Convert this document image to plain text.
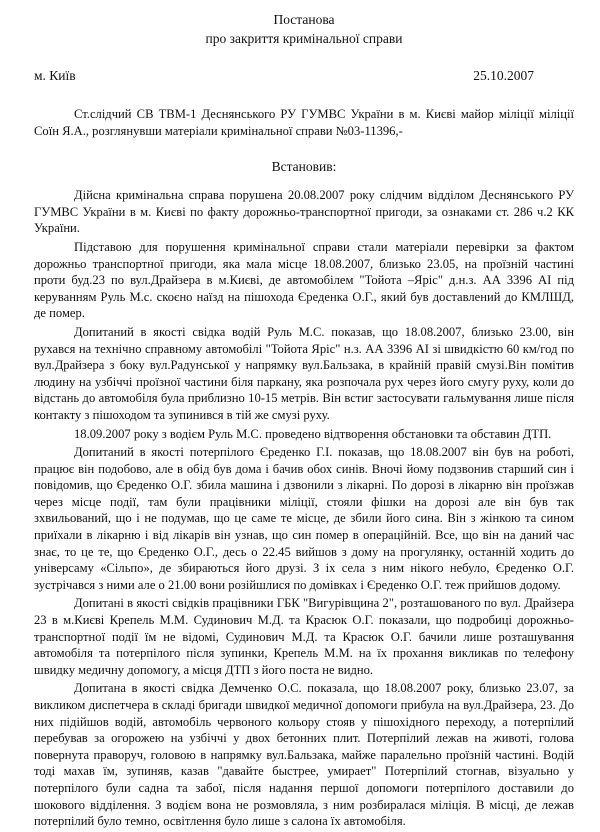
Постанова
про закриття кримінальної справи
м. Київ	25.10.2007

Ст.слідчий СВ ТВМ-1 Деснянського РУ ГУМВС України в м. Києві майор міліції міліції Соїн Я.А., розглянувши матеріали кримінальної справи №03-11396,-

Встановив:

Дійсна кримінальна справа порушена 20.08.2007 року слідчим відділом Деснянського РУ ГУМВС України в м. Києві по факту дорожньо-транспортної пригоди, за ознаками ст. 286 ч.2 КК України.

Підставою для порушення кримінальної справи стали матеріали перевірки за фактом дорожньо транспортної пригоди, яка мала місце 18.08.2007, близько 23.05, на проїзній частині проти буд.23 по вул.Драйзера в м.Києві, де автомобілем "Тойота –Яріс" д.н.з. АА 3396 АІ під керуванням Руль М.с. скоєно наїзд на пішохода Єреденка О.Г., який був доставлений до КМЛШД, де помер.

Допитаний в якості свідка водій Руль М.С. показав, що 18.08.2007, близько 23.00, він рухався на технічно справному автомобілі "Тойота Яріс" н.з. АА 3396 АІ зі швидкістю 60 км/год по вул.Драйзера з боку вул.Радунської у напрямку вул.Бальзака, в крайній правій смузі.Він помітив людину на узбіччі проїзної частини біля паркану, яка розпочала рух через його смугу руху, коли до відстань до автомобіля була приблизно 10-15 метрів. Він встиг застосувати гальмування лише після контакту з пішоходом та зупинився в тій же смузі руху.

18.09.2007 року з водієм Руль М.С. проведено відтворення обстановки та обставин ДТП.

Допитаний в якості потерпілого Єреденко Г.І. показав, що 18.08.2007 він був на роботі, працює він подобово, але в обід був дома і бачив обох синів. Вночі йому подзвонив старший син і повідомив, що Єреденко О.Г. збила машина і дзвонили з лікарні. По дорозі в лікарню він проїзжав через місце події, там були працівники міліції, стояли фішки на дорозі але він був так зхвильований, що і не подумав, що це саме те місце, де збили його сина. Він з жінкою та сином приїхали в лікарню і від лікарів він узнав, що син помер в операційній. Все, що він на даний час знає, то це те, що Єреденко О.Г., десь о 22.45 вийшов з дому на прогулянку, останній ходить до універсаму «Сільпо», де збираються його друзі. З іх села з ним нікого небуло, Єреденко О.Г. зустрічався з ними але о 21.00 вони розійшлися по домівках і Єреденко О.Г. теж прийшов додому.

Допитані в якості свідків працівники ГБК "Вигурівщина 2", розташованого по вул. Драйзера 23 в м.Києві Крепель М.М. Судинович М.Д. та Красюк О.Г. показали, що подробиці дорожньо-транспортної події їм не відомі, Судинович М.Д. та Красюк О.Г. бачили лише розташування автомобіля та потерпілого після зупинки, Крепель М.М. на їх прохання викликав по телефону швидку медичну допомогу, а місця ДТП з його поста не видно.

Допитана в якості свідка Демченко О.С. показала, що 18.08.2007 року, близько 23.07, за викликом диспетчера в складі бригади швидкої медичної допомоги прибула на вул.Драйзера, 23. До них підійшов водій, автомобіль червоного кольору стояв у пішохідного переходу, а потерпілий перебував за огорожею на узбіччі у двох бетонних плит. Потерпілий лежав на животі, голова повернута праворуч, головою в напрямку вул.Бальзака, майже паралельно проїзній частині. Водій тоді махав їм, зупиняв, казав "давайте быстрее, умирает" Потерпілий стогнав, візуально у потерпілого були садна та забої, після надання першої допомоги потерпілого доставили до шокового відділення. З водієм вона не розмовляла, з ним розбиралася міліція. В місці, де лежав потерпілий було темно, освітлення було лише з салона їх автомобіля.
